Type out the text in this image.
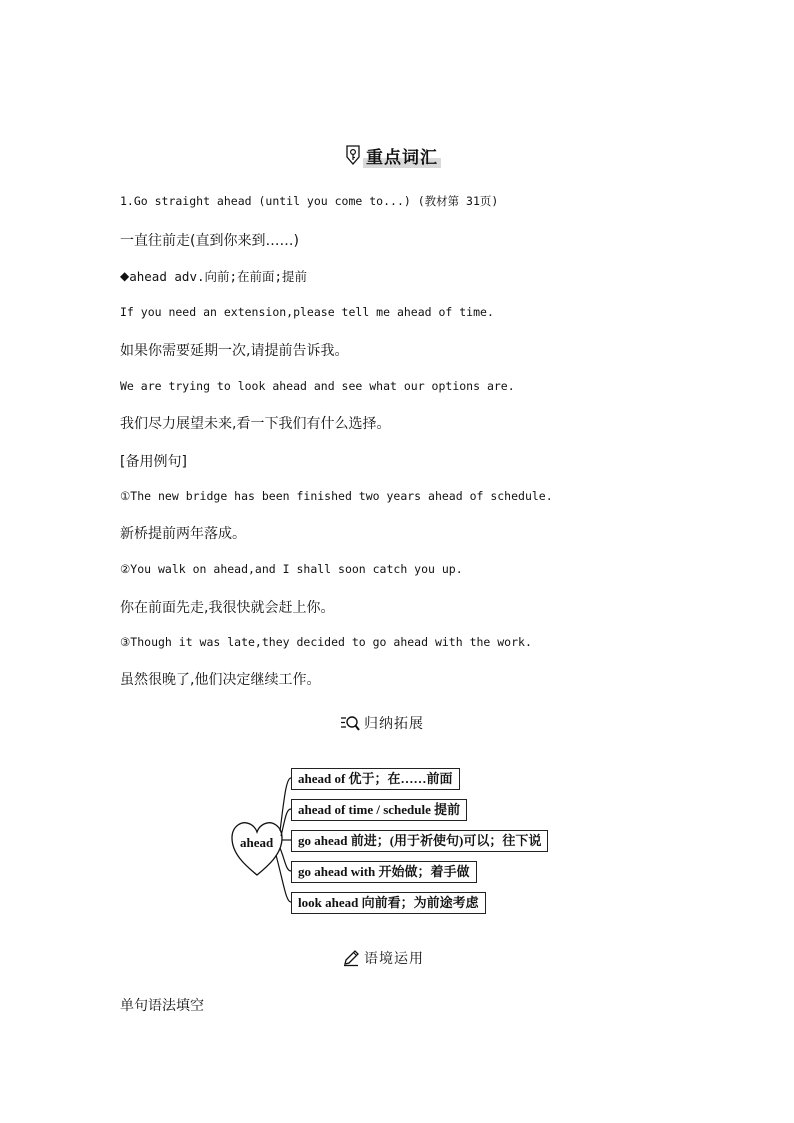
重点词汇
1.Go straight ahead (until you come to...) (教材第 31页)
一直往前走(直到你来到……)
◆ ahead adv.向前;在前面;提前
If you need an extension,please tell me ahead of time.
如果你需要延期一次,请提前告诉我。
We are trying to look ahead and see what our options are.
我们尽力展望未来,看一下我们有什么选择。
[备用例句]
①The new bridge has been finished two years ahead of schedule.
新桥提前两年落成。
②You walk on ahead,and I shall soon catch you up.
你在前面先走,我很快就会赶上你。
③Though it was late,they decided to go ahead with the work.
虽然很晚了,他们决定继续工作。
归纳拓展
ahead
ahead of 优于；在……前面
ahead of time / schedule 提前
go ahead 前进；(用于祈使句)可以；往下说
go ahead with 开始做；着手做
look ahead 向前看；为前途考虑
语境运用
单句语法填空
